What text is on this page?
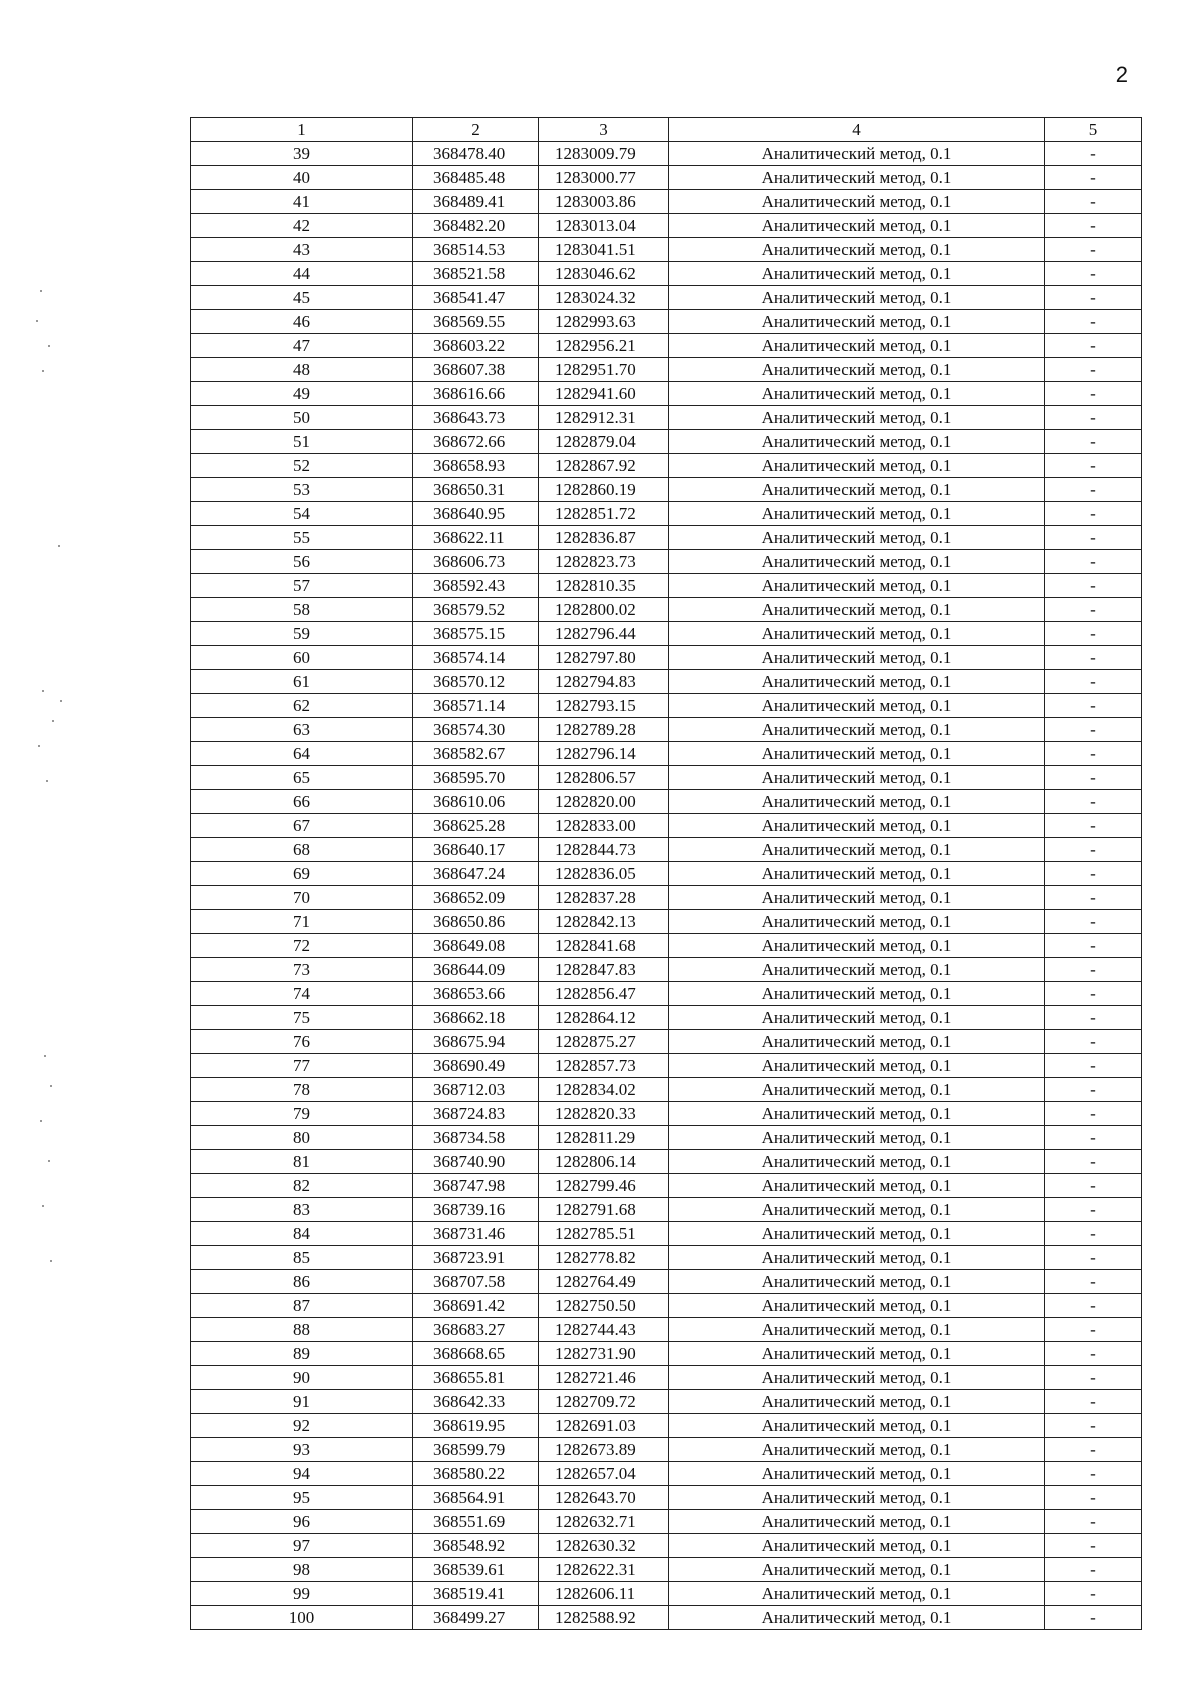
2
1	2	3	4	5
39	368478.40	1283009.79	Аналитический метод, 0.1	-
40	368485.48	1283000.77	Аналитический метод, 0.1	-
41	368489.41	1283003.86	Аналитический метод, 0.1	-
42	368482.20	1283013.04	Аналитический метод, 0.1	-
43	368514.53	1283041.51	Аналитический метод, 0.1	-
44	368521.58	1283046.62	Аналитический метод, 0.1	-
45	368541.47	1283024.32	Аналитический метод, 0.1	-
46	368569.55	1282993.63	Аналитический метод, 0.1	-
47	368603.22	1282956.21	Аналитический метод, 0.1	-
48	368607.38	1282951.70	Аналитический метод, 0.1	-
49	368616.66	1282941.60	Аналитический метод, 0.1	-
50	368643.73	1282912.31	Аналитический метод, 0.1	-
51	368672.66	1282879.04	Аналитический метод, 0.1	-
52	368658.93	1282867.92	Аналитический метод, 0.1	-
53	368650.31	1282860.19	Аналитический метод, 0.1	-
54	368640.95	1282851.72	Аналитический метод, 0.1	-
55	368622.11	1282836.87	Аналитический метод, 0.1	-
56	368606.73	1282823.73	Аналитический метод, 0.1	-
57	368592.43	1282810.35	Аналитический метод, 0.1	-
58	368579.52	1282800.02	Аналитический метод, 0.1	-
59	368575.15	1282796.44	Аналитический метод, 0.1	-
60	368574.14	1282797.80	Аналитический метод, 0.1	-
61	368570.12	1282794.83	Аналитический метод, 0.1	-
62	368571.14	1282793.15	Аналитический метод, 0.1	-
63	368574.30	1282789.28	Аналитический метод, 0.1	-
64	368582.67	1282796.14	Аналитический метод, 0.1	-
65	368595.70	1282806.57	Аналитический метод, 0.1	-
66	368610.06	1282820.00	Аналитический метод, 0.1	-
67	368625.28	1282833.00	Аналитический метод, 0.1	-
68	368640.17	1282844.73	Аналитический метод, 0.1	-
69	368647.24	1282836.05	Аналитический метод, 0.1	-
70	368652.09	1282837.28	Аналитический метод, 0.1	-
71	368650.86	1282842.13	Аналитический метод, 0.1	-
72	368649.08	1282841.68	Аналитический метод, 0.1	-
73	368644.09	1282847.83	Аналитический метод, 0.1	-
74	368653.66	1282856.47	Аналитический метод, 0.1	-
75	368662.18	1282864.12	Аналитический метод, 0.1	-
76	368675.94	1282875.27	Аналитический метод, 0.1	-
77	368690.49	1282857.73	Аналитический метод, 0.1	-
78	368712.03	1282834.02	Аналитический метод, 0.1	-
79	368724.83	1282820.33	Аналитический метод, 0.1	-
80	368734.58	1282811.29	Аналитический метод, 0.1	-
81	368740.90	1282806.14	Аналитический метод, 0.1	-
82	368747.98	1282799.46	Аналитический метод, 0.1	-
83	368739.16	1282791.68	Аналитический метод, 0.1	-
84	368731.46	1282785.51	Аналитический метод, 0.1	-
85	368723.91	1282778.82	Аналитический метод, 0.1	-
86	368707.58	1282764.49	Аналитический метод, 0.1	-
87	368691.42	1282750.50	Аналитический метод, 0.1	-
88	368683.27	1282744.43	Аналитический метод, 0.1	-
89	368668.65	1282731.90	Аналитический метод, 0.1	-
90	368655.81	1282721.46	Аналитический метод, 0.1	-
91	368642.33	1282709.72	Аналитический метод, 0.1	-
92	368619.95	1282691.03	Аналитический метод, 0.1	-
93	368599.79	1282673.89	Аналитический метод, 0.1	-
94	368580.22	1282657.04	Аналитический метод, 0.1	-
95	368564.91	1282643.70	Аналитический метод, 0.1	-
96	368551.69	1282632.71	Аналитический метод, 0.1	-
97	368548.92	1282630.32	Аналитический метод, 0.1	-
98	368539.61	1282622.31	Аналитический метод, 0.1	-
99	368519.41	1282606.11	Аналитический метод, 0.1	-
100	368499.27	1282588.92	Аналитический метод, 0.1	-
